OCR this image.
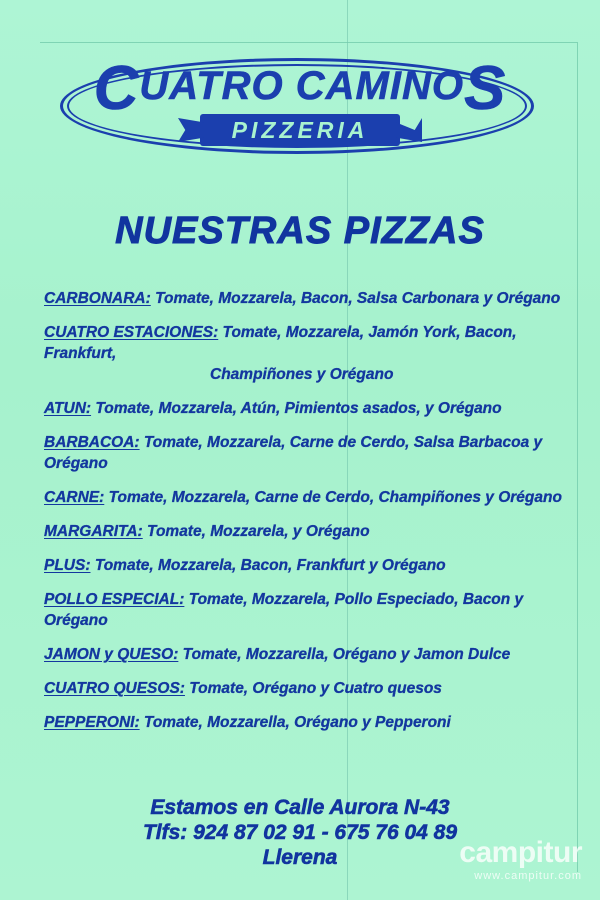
CUATRO CAMINOS
PIZZERIA
NUESTRAS PIZZAS
CARBONARA: Tomate, Mozzarela, Bacon, Salsa Carbonara y Orégano
CUATRO ESTACIONES: Tomate, Mozzarela, Jamón York, Bacon, Frankfurt,
Champiñones y Orégano
ATUN: Tomate, Mozzarela, Atún, Pimientos asados, y Orégano
BARBACOA: Tomate, Mozzarela, Carne de Cerdo, Salsa Barbacoa y Orégano
CARNE: Tomate, Mozzarela, Carne de Cerdo, Champiñones y Orégano
MARGARITA: Tomate, Mozzarela, y Orégano
PLUS: Tomate, Mozzarela, Bacon, Frankfurt y Orégano
POLLO ESPECIAL: Tomate, Mozzarela, Pollo Especiado, Bacon y Orégano
JAMON y QUESO: Tomate, Mozzarella, Orégano y Jamon Dulce
CUATRO QUESOS: Tomate, Orégano y Cuatro quesos
PEPPERONI: Tomate, Mozzarella, Orégano y Pepperoni
Estamos en Calle Aurora N-43
Tlfs: 924 87 02 91 - 675 76 04 89
Llerena	campitur
www.campitur.com
